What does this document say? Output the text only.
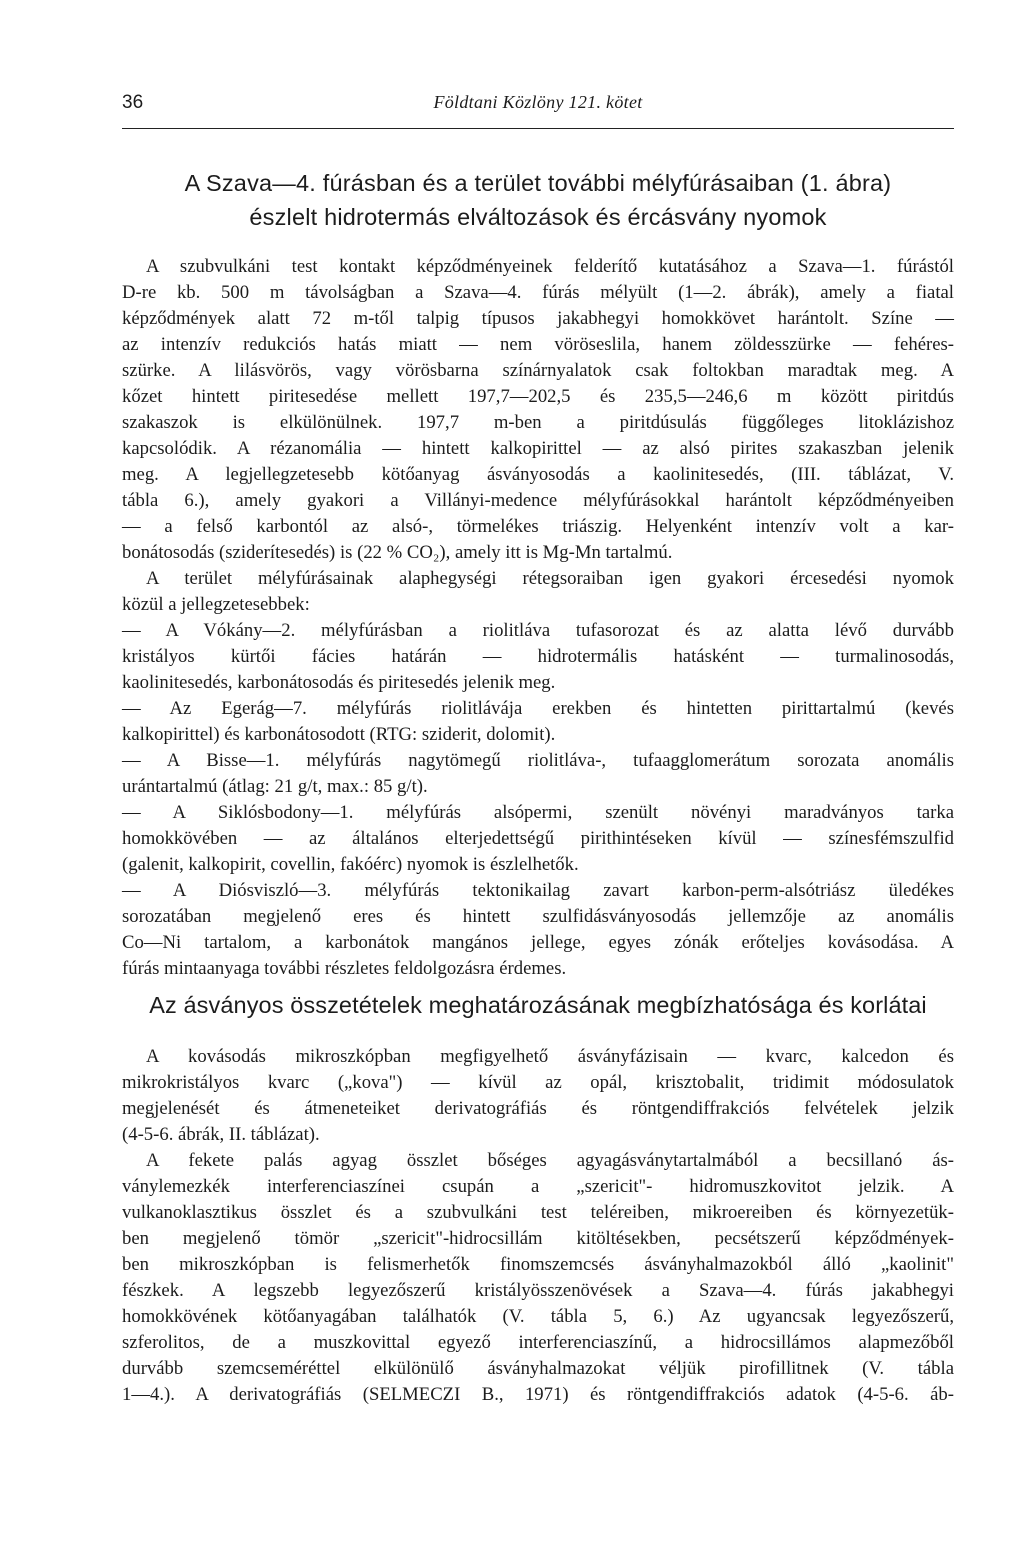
36	Földtani Közlöny 121. kötet
A Szava—4. fúrásban és a terület további mélyfúrásaiban (1. ábra)
észlelt hidrotermás elváltozások és ércásvány nyomok
A szubvulkáni test kontakt képződményeinek felderítő kutatásához a Szava—1. fúrástól
D-re kb. 500 m távolságban a Szava—4. fúrás mélyült (1—2. ábrák), amely a fiatal
képződmények alatt 72 m-től talpig típusos jakabhegyi homokkövet harántolt. Színe —
az intenzív redukciós hatás miatt — nem vöröseslila, hanem zöldesszürke — fehéres-
szürke. A lilásvörös, vagy vörösbarna színárnyalatok csak foltokban maradtak meg. A
kőzet hintett piritesedése mellett 197,7—202,5 és 235,5—246,6 m között piritdús
szakaszok is elkülönülnek. 197,7 m-ben a piritdúsulás függőleges litoklázishoz
kapcsolódik. A rézanomália — hintett kalkopirittel — az alsó pirites szakaszban jelenik
meg. A legjellegzetesebb kötőanyag ásványosodás a kaolinitesedés, (III. táblázat, V.
tábla 6.), amely gyakori a Villányi-medence mélyfúrásokkal harántolt képződményeiben
— a felső karbontól az alsó-, törmelékes triászig. Helyenként intenzív volt a kar-
bonátosodás (sziderítesedés) is (22 % CO₂), amely itt is Mg-Mn tartalmú.
A terület mélyfúrásainak alaphegységi rétegsoraiban igen gyakori ércesedési nyomok
közül a jellegzetesebbek:
— A Vókány—2. mélyfúrásban a riolitláva tufasorozat és az alatta lévő durvább
kristályos kürtői fácies határán — hidrotermális hatásként — turmalinosodás,
kaolinitesedés, karbonátosodás és piritesedés jelenik meg.
— Az Egerág—7. mélyfúrás riolitlávája erekben és hintetten pirittartalmú (kevés
kalkopirittel) és karbonátosodott (RTG: sziderit, dolomit).
— A Bisse—1. mélyfúrás nagytömegű riolitláva-, tufaagglomerátum sorozata anomális
urántartalmú (átlag: 21 g/t, max.: 85 g/t).
— A Siklósbodony—1. mélyfúrás alsópermi, szenült növényi maradványos tarka
homokkövében — az általános elterjedettségű pirithintéseken kívül — színesfémszulfid
(galenit, kalkopirit, covellin, fakóérc) nyomok is észlelhetők.
— A Diósviszló—3. mélyfúrás tektonikailag zavart karbon-perm-alsótriász üledékes
sorozatában megjelenő eres és hintett szulfidásványosodás jellemzője az anomális
Co—Ni tartalom, a karbonátok mangános jellege, egyes zónák erőteljes kovásodása. A
fúrás mintaanyaga további részletes feldolgozásra érdemes.
Az ásványos összetételek meghatározásának megbízhatósága és korlátai
A kovásodás mikroszkópban megfigyelhető ásványfázisain — kvarc, kalcedon és
mikrokristályos kvarc („kova") — kívül az opál, krisztobalit, tridimit módosulatok
megjelenését és átmeneteiket derivatográfiás és röntgendiffrakciós felvételek jelzik
(4-5-6. ábrák, II. táblázat).
A fekete palás agyag összlet bőséges agyagásványtartalmából a becsillanó ás-
ványlemezkék interferenciaszínei csupán a „szericit"- hidromuszkovitot jelzik. A
vulkanoklasztikus összlet és a szubvulkáni test teléreiben, mikroereiben és környezetük-
ben megjelenő tömör „szericit"-hidrocsillám kitöltésekben, pecsétszerű képződmények-
ben mikroszkópban is felismerhetők finomszemcsés ásványhalmazokból álló „kaolinit"
fészkek. A legszebb legyezőszerű kristályösszenövések a Szava—4. fúrás jakabhegyi
homokkövének kötőanyagában találhatók (V. tábla 5, 6.) Az ugyancsak legyezőszerű,
szferolitos, de a muszkovittal egyező interferenciaszínű, a hidrocsillámos alapmezőből
durvább szemcseméréttel elkülönülő ásványhalmazokat véljük pirofillitnek (V. tábla
1—4.). A derivatográfiás (SELMECZI B., 1971) és röntgendiffrakciós adatok (4-5-6. áb-
